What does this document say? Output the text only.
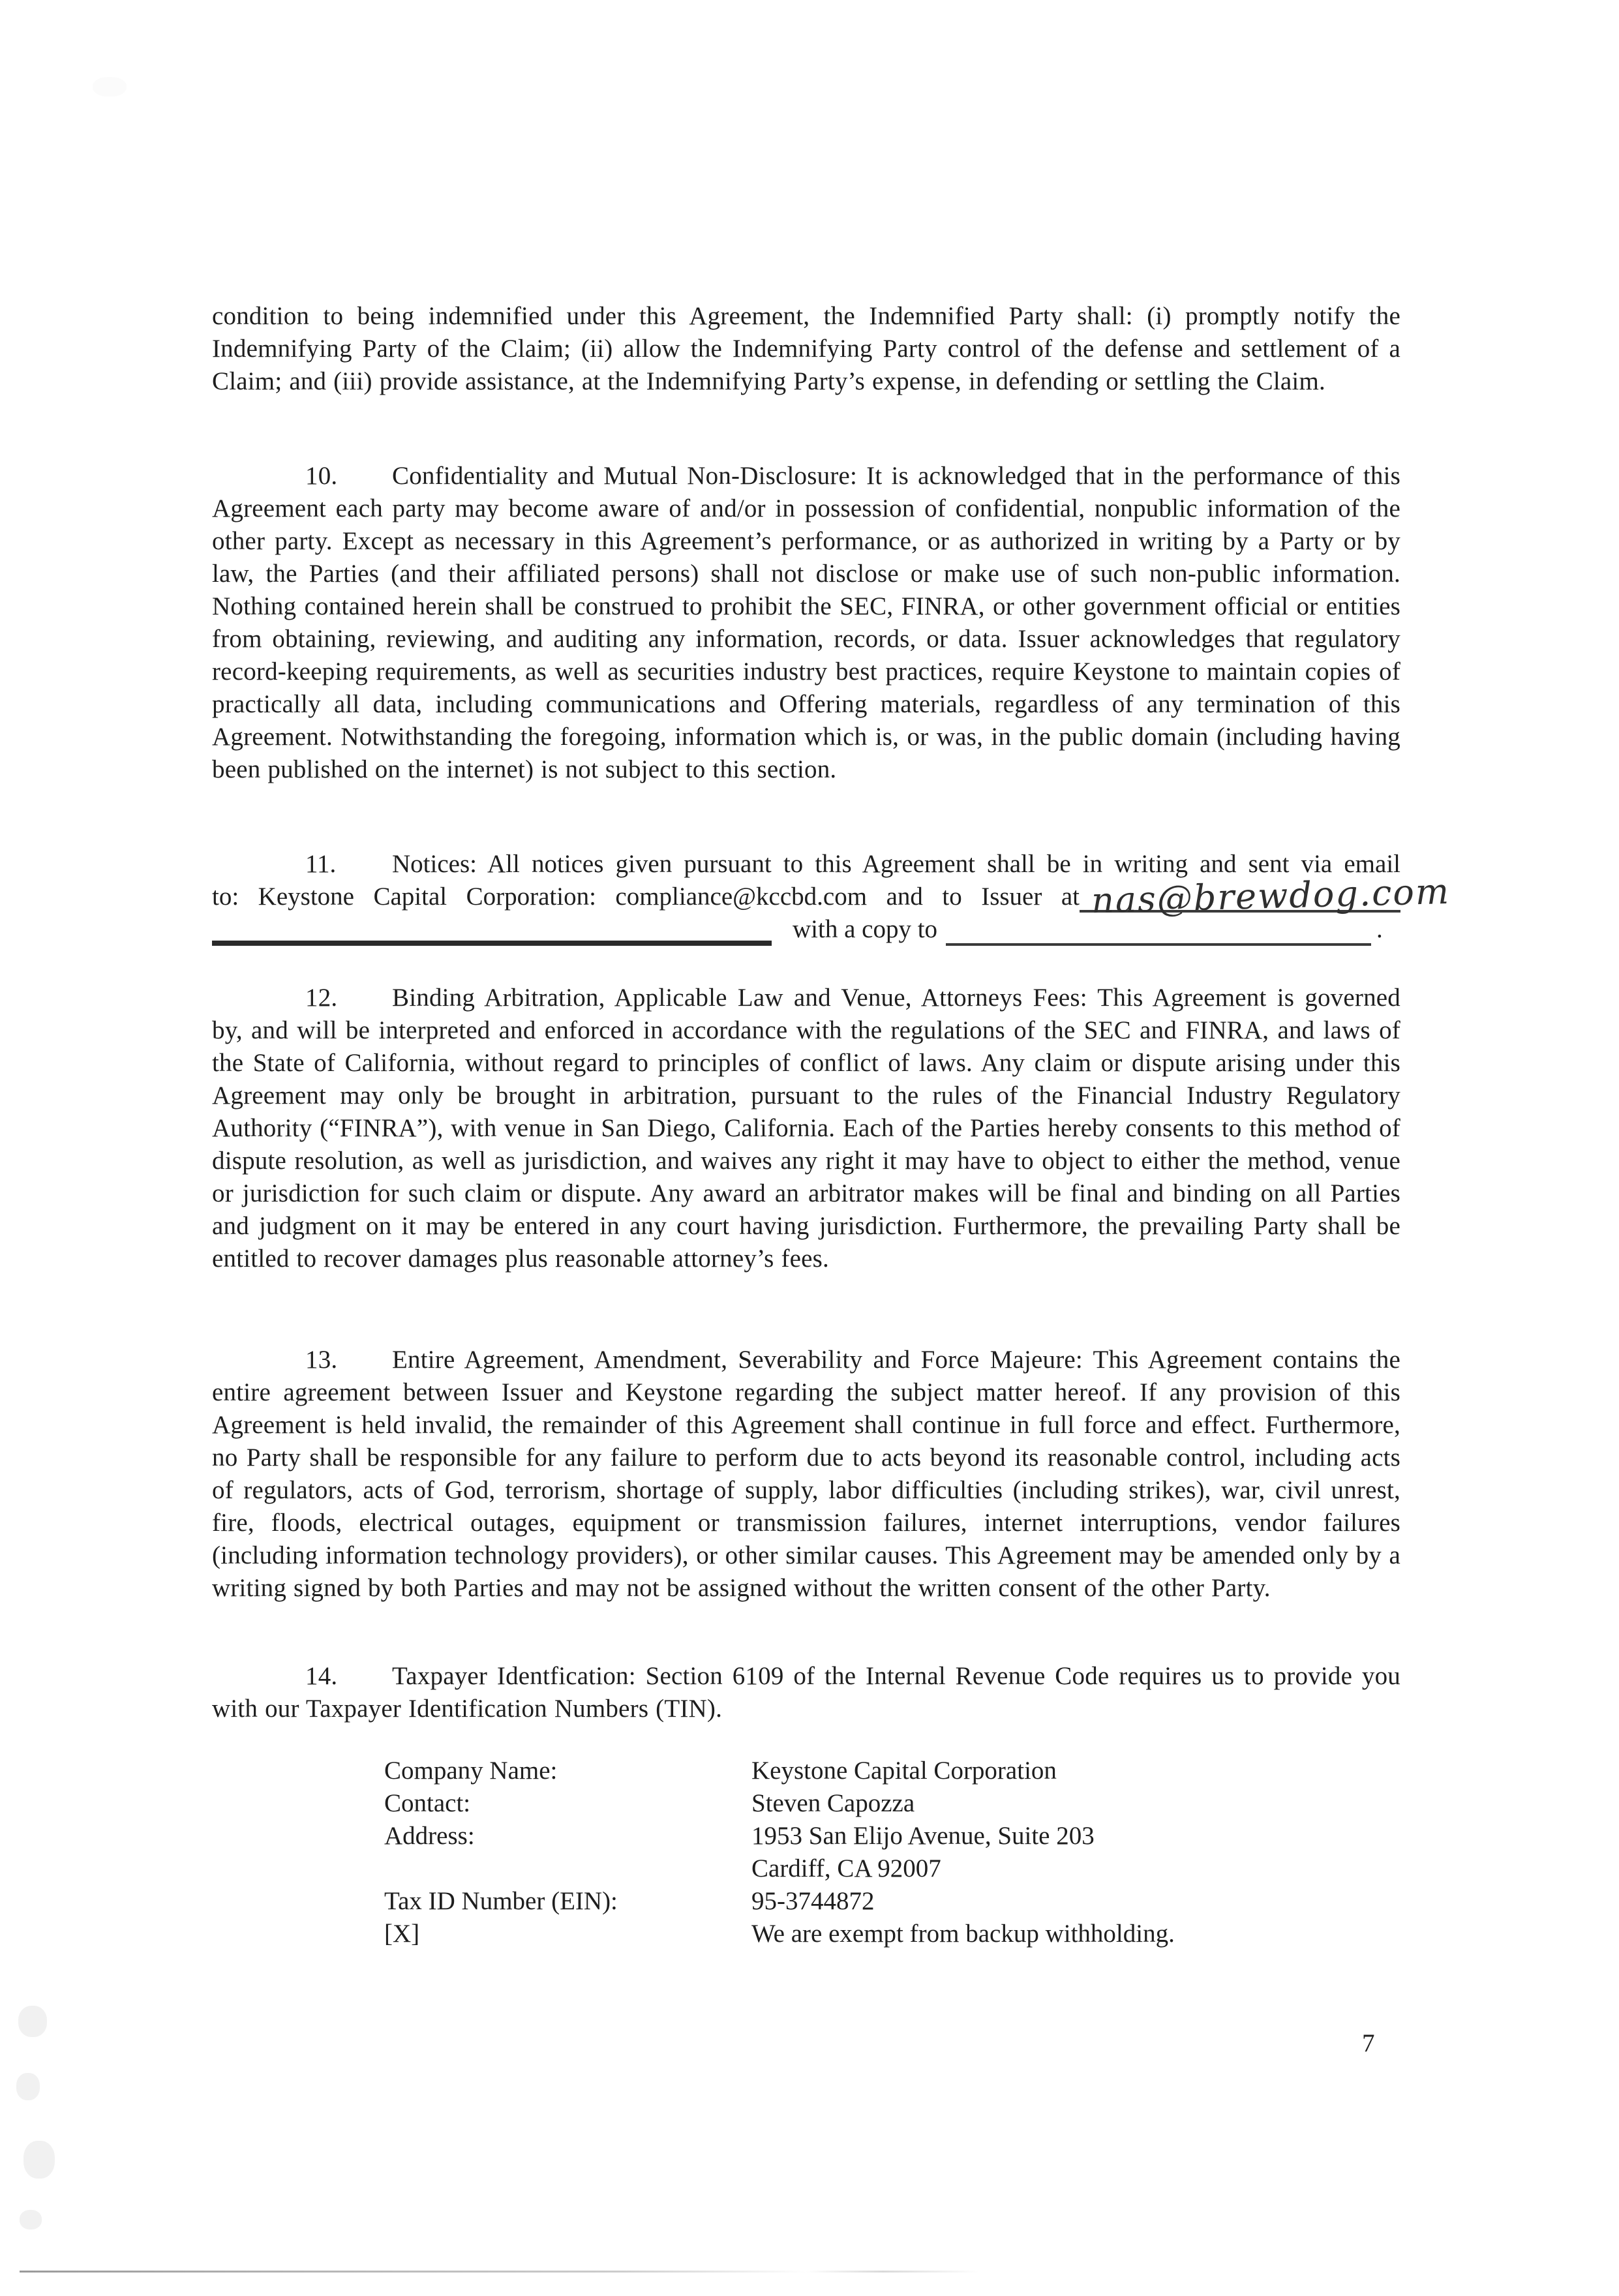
condition to being indemnified under this Agreement, the Indemnified Party shall: (i) promptly notify the Indemnifying Party of the Claim; (ii) allow the Indemnifying Party control of the defense and settlement of a Claim; and (iii) provide assistance, at the Indemnifying Party’s expense, in defending or settling the Claim.

10. Confidentiality and Mutual Non-Disclosure: It is acknowledged that in the performance of this Agreement each party may become aware of and/or in possession of confidential, nonpublic information of the other party. Except as necessary in this Agreement’s performance, or as authorized in writing by a Party or by law, the Parties (and their affiliated persons) shall not disclose or make use of such non-public information. Nothing contained herein shall be construed to prohibit the SEC, FINRA, or other government official or entities from obtaining, reviewing, and auditing any information, records, or data. Issuer acknowledges that regulatory record-keeping requirements, as well as securities industry best practices, require Keystone to maintain copies of practically all data, including communications and Offering materials, regardless of any termination of this Agreement. Notwithstanding the foregoing, information which is, or was, in the public domain (including having been published on the internet) is not subject to this section.

11. Notices: All notices given pursuant to this Agreement shall be in writing and sent via email
to: Keystone Capital Corporation: compliance@kccbd.com and to Issuer at nas@brewdog.com
with a copy to	.

12. Binding Arbitration, Applicable Law and Venue, Attorneys Fees: This Agreement is governed by, and will be interpreted and enforced in accordance with the regulations of the SEC and FINRA, and laws of the State of California, without regard to principles of conflict of laws. Any claim or dispute arising under this Agreement may only be brought in arbitration, pursuant to the rules of the Financial Industry Regulatory Authority (“FINRA”), with venue in San Diego, California. Each of the Parties hereby consents to this method of dispute resolution, as well as jurisdiction, and waives any right it may have to object to either the method, venue or jurisdiction for such claim or dispute. Any award an arbitrator makes will be final and binding on all Parties and judgment on it may be entered in any court having jurisdiction. Furthermore, the prevailing Party shall be entitled to recover damages plus reasonable attorney’s fees.

13. Entire Agreement, Amendment, Severability and Force Majeure: This Agreement contains the entire agreement between Issuer and Keystone regarding the subject matter hereof. If any provision of this Agreement is held invalid, the remainder of this Agreement shall continue in full force and effect. Furthermore, no Party shall be responsible for any failure to perform due to acts beyond its reasonable control, including acts of regulators, acts of God, terrorism, shortage of supply, labor difficulties (including strikes), war, civil unrest, fire, floods, electrical outages, equipment or transmission failures, internet interruptions, vendor failures (including information technology providers), or other similar causes. This Agreement may be amended only by a writing signed by both Parties and may not be assigned without the written consent of the other Party.

14. Taxpayer Identfication: Section 6109 of the Internal Revenue Code requires us to provide you with our Taxpayer Identification Numbers (TIN).

Company Name:	Keystone Capital Corporation
Contact:	Steven Capozza
Address:	1953 San Elijo Avenue, Suite 203
Cardiff, CA 92007
Tax ID Number (EIN):	95-3744872
[X]	We are exempt from backup withholding.
7
